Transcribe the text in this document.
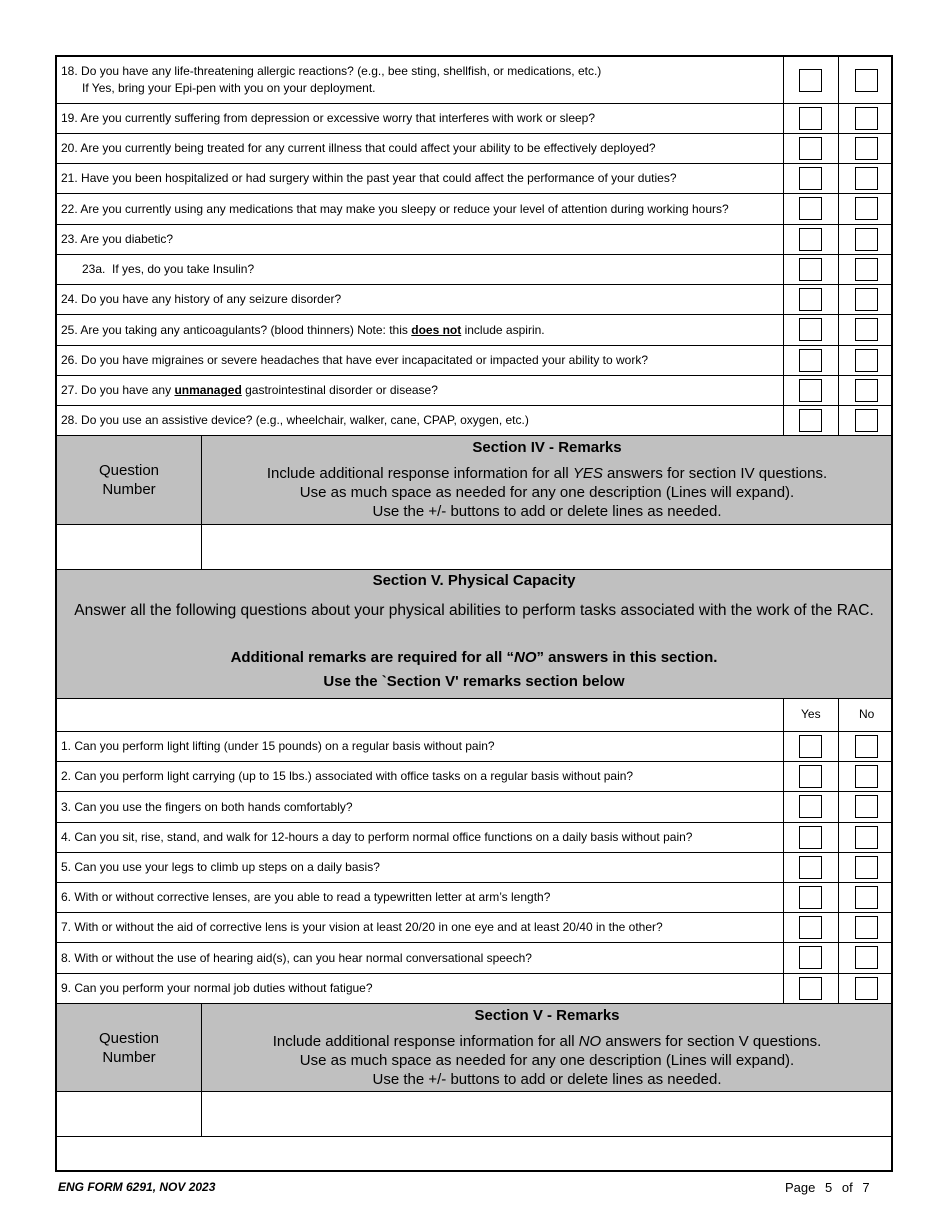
18. Do you have any life-threatening allergic reactions? (e.g., bee sting, shellfish, or medications, etc.)
If Yes, bring your Epi-pen with you on your deployment.
19. Are you currently suffering from depression or excessive worry that interferes with work or sleep?
20. Are you currently being treated for any current illness that could affect your ability to be effectively deployed?
21. Have you been hospitalized or had surgery within the past year that could affect the performance of your duties?
22. Are you currently using any medications that may make you sleepy or reduce your level of attention during working hours?
23. Are you diabetic?
23a. If yes, do you take Insulin?
24. Do you have any history of any seizure disorder?
25. Are you taking any anticoagulants? (blood thinners) Note: this does not include aspirin.
26. Do you have migraines or severe headaches that have ever incapacitated or impacted your ability to work?
27. Do you have any unmanaged gastrointestinal disorder or disease?
28. Do you use an assistive device? (e.g., wheelchair, walker, cane, CPAP, oxygen, etc.)
Question
Number
Section IV - Remarks
Include additional response information for all YES answers for section IV questions.
Use as much space as needed for any one description (Lines will expand).
Use the +/- buttons to add or delete lines as needed.
Section V. Physical Capacity
Answer all the following questions about your physical abilities to perform tasks associated with the work of the RAC.
Additional remarks are required for all “NO” answers in this section.
Use the `Section V' remarks section below
Yes	No
1. Can you perform light lifting (under 15 pounds) on a regular basis without pain?
2. Can you perform light carrying (up to 15 lbs.) associated with office tasks on a regular basis without pain?
3. Can you use the fingers on both hands comfortably?
4. Can you sit, rise, stand, and walk for 12-hours a day to perform normal office functions on a daily basis without pain?
5. Can you use your legs to climb up steps on a daily basis?
6. With or without corrective lenses, are you able to read a typewritten letter at arm’s length?
7. With or without the aid of corrective lens is your vision at least 20/20 in one eye and at least 20/40 in the other?
8. With or without the use of hearing aid(s), can you hear normal conversational speech?
9. Can you perform your normal job duties without fatigue?
Question
Number
Section V - Remarks
Include additional response information for all NO answers for section V questions.
Use as much space as needed for any one description (Lines will expand).
Use the +/- buttons to add or delete lines as needed.
ENG FORM 6291, NOV 2023	Page 5 of 7
